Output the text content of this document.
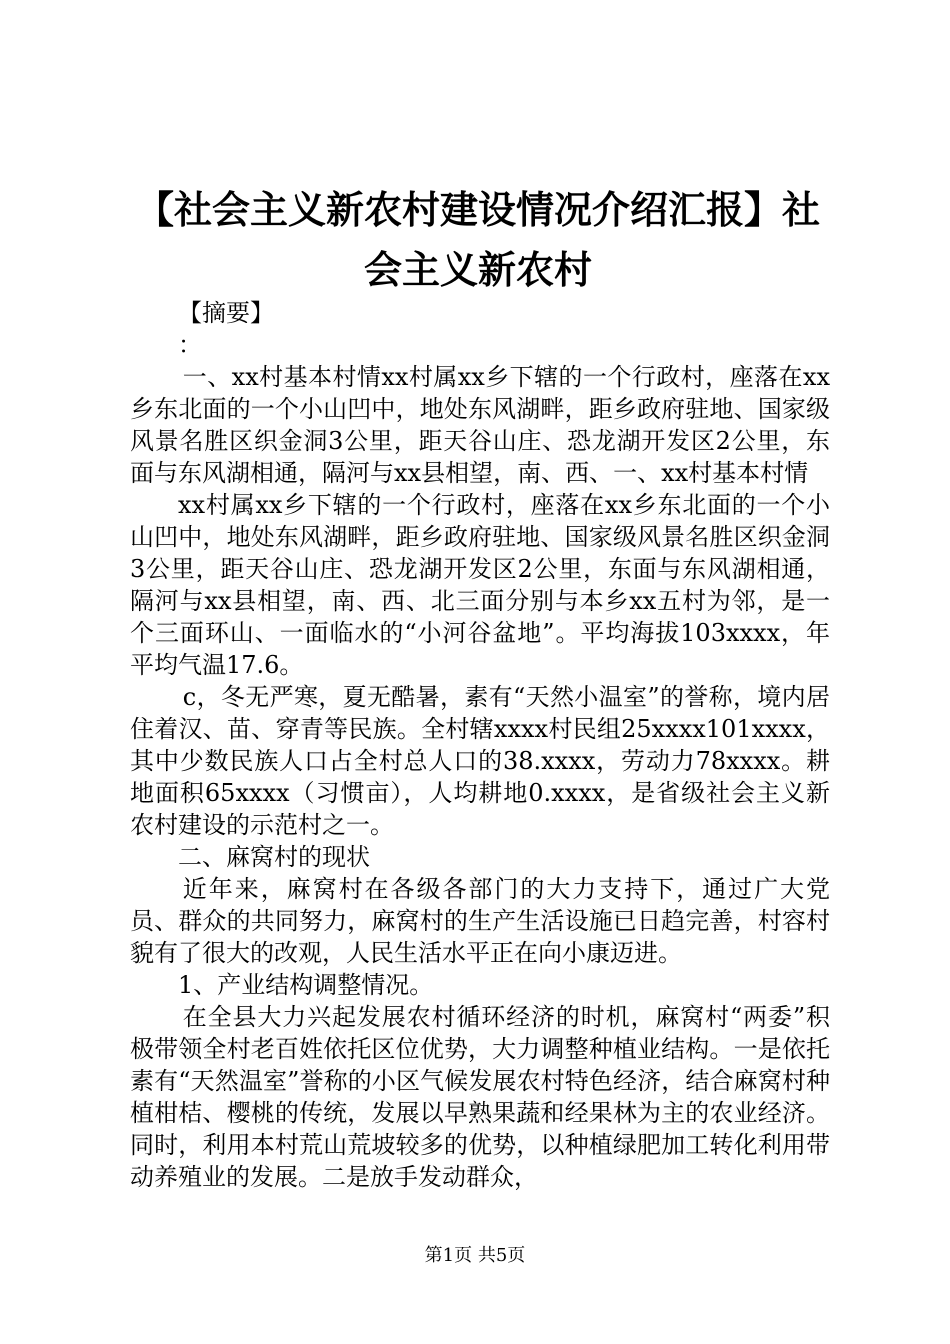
【社会主义新农村建设情况介绍汇报】社会主义新农村

【摘要】

：

一、xx村基本村情xx村属xx乡下辖的一个行政村，座落在xx乡东北面的一个小山凹中，地处东风湖畔，距乡政府驻地、国家级风景名胜区织金洞3公里，距天谷山庄、恐龙湖开发区2公里，东面与东风湖相通，隔河与xx县相望，南、西、一、xx村基本村情

xx村属xx乡下辖的一个行政村，座落在xx乡东北面的一个小山凹中，地处东风湖畔，距乡政府驻地、国家级风景名胜区织金洞3公里，距天谷山庄、恐龙湖开发区2公里，东面与东风湖相通，隔河与xx县相望，南、西、北三面分别与本乡xx五村为邻，是一个三面环山、一面临水的“小河谷盆地”。平均海拔103xxxx，年平均气温17.6。

c，冬无严寒，夏无酷暑，素有“天然小温室”的誉称，境内居住着汉、苗、穿青等民族。全村辖xxxx村民组25xxxx101xxxx，其中少数民族人口占全村总人口的38.xxxx，劳动力78xxxx。耕地面积65xxxx（习惯亩），人均耕地0.xxxx，是省级社会主义新农村建设的示范村之一。

二、麻窝村的现状

近年来，麻窝村在各级各部门的大力支持下，通过广大党员、群众的共同努力，麻窝村的生产生活设施已日趋完善，村容村貌有了很大的改观，人民生活水平正在向小康迈进。

1、产业结构调整情况。

在全县大力兴起发展农村循环经济的时机，麻窝村“两委”积极带领全村老百姓依托区位优势，大力调整种植业结构。一是依托素有“天然温室”誉称的小区气候发展农村特色经济，结合麻窝村种植柑桔、樱桃的传统，发展以早熟果蔬和经果林为主的农业经济。同时，利用本村荒山荒坡较多的优势，以种植绿肥加工转化利用带动养殖业的发展。二是放手发动群众，

第1页 共5页
